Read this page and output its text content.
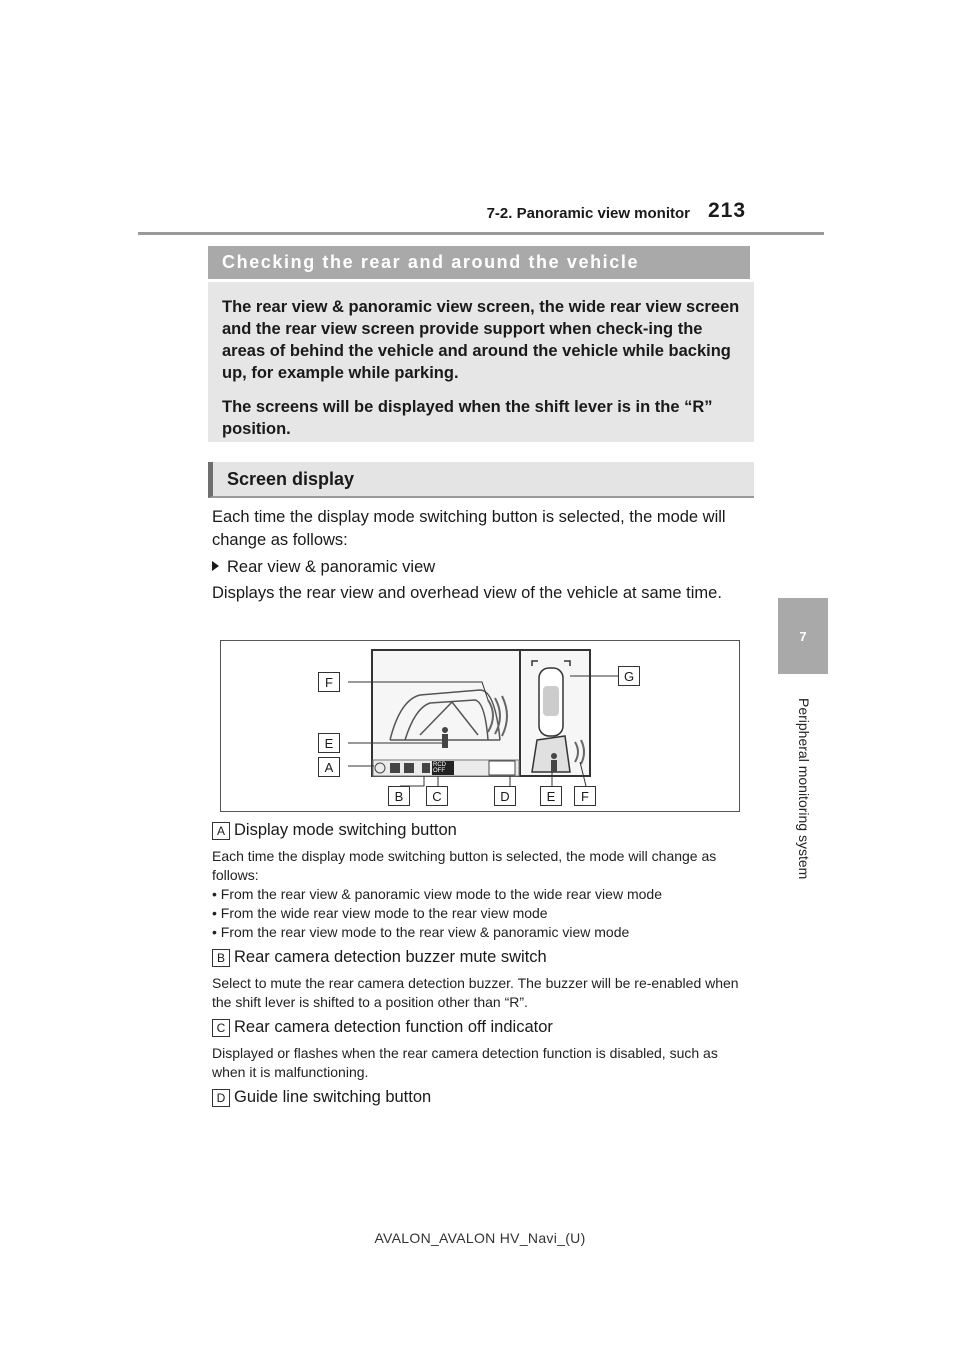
7-2. Panoramic view monitor 213
7
Peripheral monitoring system
Checking the rear and around the vehicle

The rear view & panoramic view screen, the wide rear view screen and the rear view screen provide support when check-ing the areas of behind the vehicle and around the vehicle while backing up, for example while parking.

The screens will be displayed when the shift lever is in the “R” position.

Screen display
Each time the display mode switching button is selected, the mode will change as follows:
Rear view & panoramic view
Displays the rear view and overhead view of the vehicle at same time.
F
E
A
B	C	D	E	F
G
RCD OFF
A Display mode switching button
Each time the display mode switching button is selected, the mode will change as follows:
• From the rear view & panoramic view mode to the wide rear view mode
• From the wide rear view mode to the rear view mode
• From the rear view mode to the rear view & panoramic view mode
B Rear camera detection buzzer mute switch
Select to mute the rear camera detection buzzer. The buzzer will be re-enabled when the shift lever is shifted to a position other than “R”.
C Rear camera detection function off indicator
Displayed or flashes when the rear camera detection function is disabled, such as when it is malfunctioning.
D Guide line switching button
AVALON_AVALON HV_Navi_(U)
